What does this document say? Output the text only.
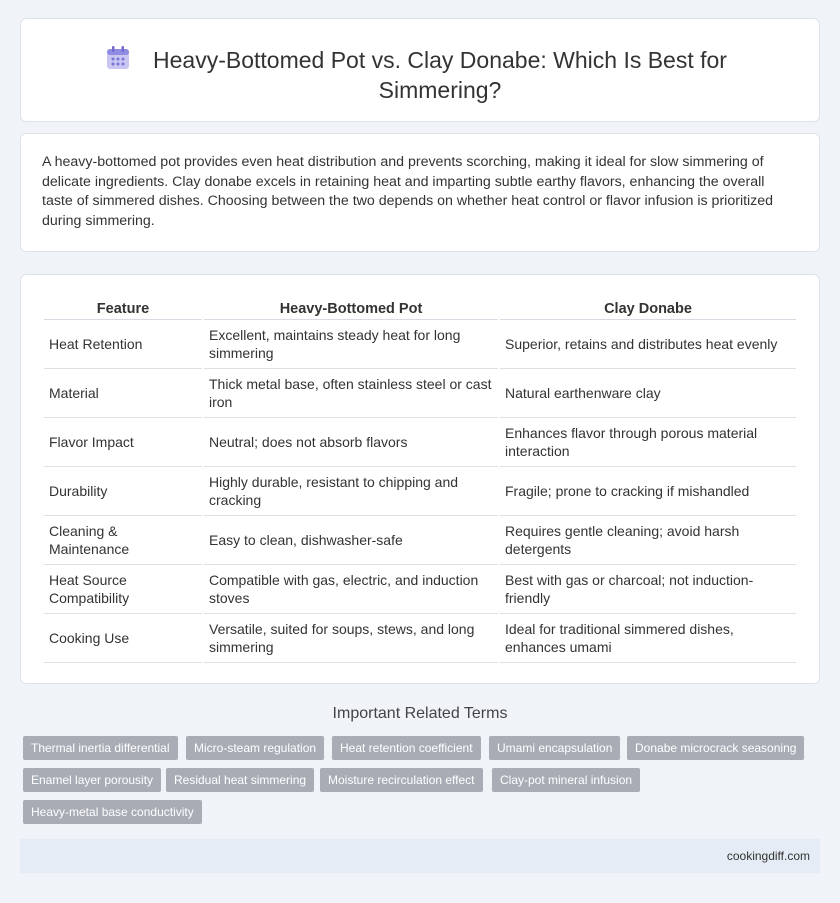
Heavy-Bottomed Pot vs. Clay Donabe: Which Is Best for Simmering?

A heavy-bottomed pot provides even heat distribution and prevents scorching, making it ideal for slow simmering of delicate ingredients. Clay donabe excels in retaining heat and imparting subtle earthy flavors, enhancing the overall taste of simmered dishes. Choosing between the two depends on whether heat control or flavor infusion is prioritized during simmering.

Feature	Heavy-Bottomed Pot	Clay Donabe
Heat Retention	Excellent, maintains steady heat for long simmering	Superior, retains and distributes heat evenly
Material	Thick metal base, often stainless steel or cast iron	Natural earthenware clay
Flavor Impact	Neutral; does not absorb flavors	Enhances flavor through porous material interaction
Durability	Highly durable, resistant to chipping and cracking	Fragile; prone to cracking if mishandled
Cleaning & Maintenance	Easy to clean, dishwasher-safe	Requires gentle cleaning; avoid harsh detergents
Heat Source Compatibility	Compatible with gas, electric, and induction stoves	Best with gas or charcoal; not induction-friendly
Cooking Use	Versatile, suited for soups, stews, and long simmering	Ideal for traditional simmered dishes, enhances umami
Important Related Terms
Thermal inertia differential	Micro-steam regulation	Heat retention coefficient	Umami encapsulation	Donabe microcrack seasoning
Enamel layer porousity	Residual heat simmering	Moisture recirculation effect	Clay-pot mineral infusion
Heavy-metal base conductivity
cookingdiff.com
